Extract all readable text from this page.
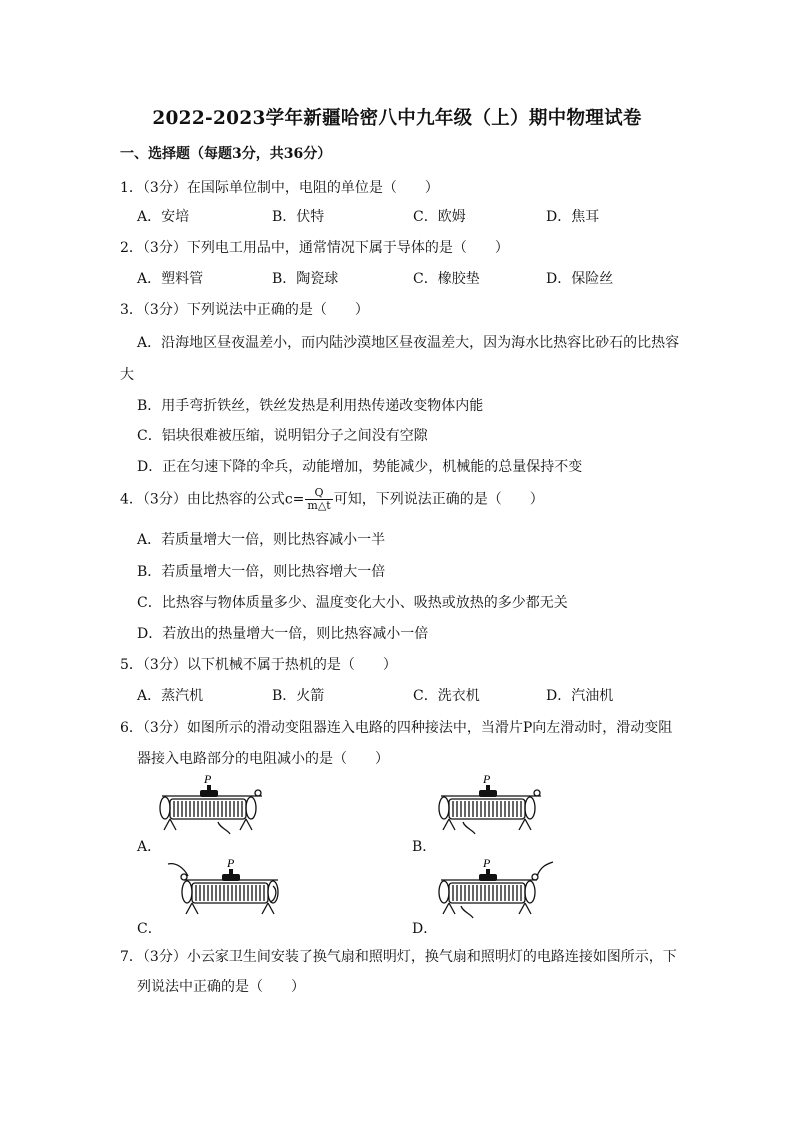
2022-2023学年新疆哈密八中九年级（上）期中物理试卷
一、选择题（每题3分，共36分）
1．（3分）在国际单位制中，电阻的单位是（　　）
A．安培	B．伏特	C．欧姆	D．焦耳
2．（3分）下列电工用品中，通常情况下属于导体的是（　　）
A．塑料管	B．陶瓷球	C．橡胶垫	D．保险丝
3．（3分）下列说法中正确的是（　　）
A．沿海地区昼夜温差小，而内陆沙漠地区昼夜温差大，因为海水比热容比砂石的比热容
大
B．用手弯折铁丝，铁丝发热是利用热传递改变物体内能
C．铝块很难被压缩，说明铝分子之间没有空隙
D．正在匀速下降的伞兵，动能增加，势能减少，机械能的总量保持不变
4．（3分）由比热容的公式$c= \frac{Q}{m\triangle t}$ 可知，下列说法正确的是（　　）
A．若质量增大一倍，则比热容减小一半
B．若质量增大一倍，则比热容增大一倍
C．比热容与物体质量多少、温度变化大小、吸热或放热的多少都无关
D．若放出的热量增大一倍，则比热容减小一倍
5．（3分）以下机械不属于热机的是（　　）
A．蒸汽机	B．火箭	C．洗衣机	D．汽油机
6．（3分）如图所示的滑动变阻器连入电路的四种接法中，当滑片P向左滑动时，滑动变阻
器接入电路部分的电阻减小的是（　　）
P
A．
P
B．
P
C．
P
D．
7．（3分）小云家卫生间安装了换气扇和照明灯，换气扇和照明灯的电路连接如图所示，下
列说法中正确的是（　　）
